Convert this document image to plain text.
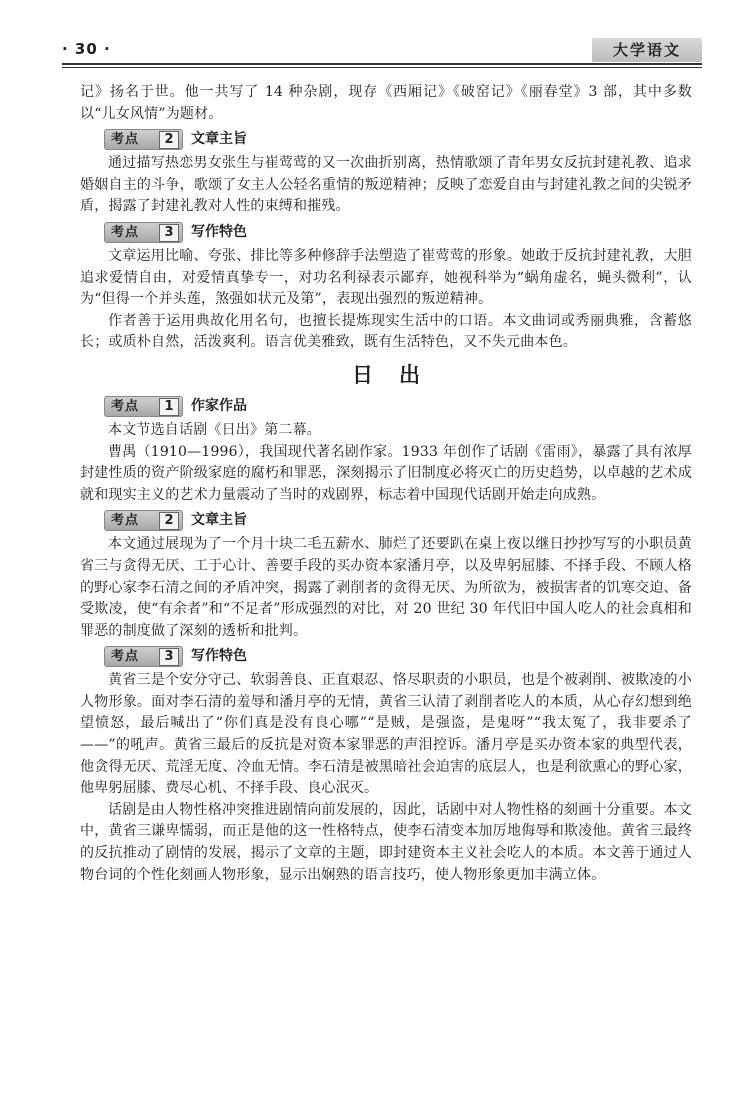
· 30 ·	大学语文

记》扬名于世。他一共写了 14 种杂剧，现存《西厢记》《破窑记》《丽春堂》3 部，其中多数以“儿女风情”为题材。

考点	2	文章主旨

通过描写热恋男女张生与崔莺莺的又一次曲折别离，热情歌颂了青年男女反抗封建礼教、追求婚姻自主的斗争，歌颂了女主人公轻名重情的叛逆精神；反映了恋爱自由与封建礼教之间的尖锐矛盾，揭露了封建礼教对人性的束缚和摧残。

考点	3	写作特色

文章运用比喻、夸张、排比等多种修辞手法塑造了崔莺莺的形象。她敢于反抗封建礼教，大胆追求爱情自由，对爱情真挚专一，对功名利禄表示鄙弃，她视科举为“蜗角虚名，蝇头微利”，认为“但得一个并头莲，煞强如状元及第”，表现出强烈的叛逆精神。

作者善于运用典故化用名句，也擅长提炼现实生活中的口语。本文曲词或秀丽典雅，含蓄悠长；或质朴自然，活泼爽利。语言优美雅致，既有生活特色，又不失元曲本色。

日出
考点	1	作家作品

本文节选自话剧《日出》第二幕。

曹禺（1910—1996），我国现代著名剧作家。1933 年创作了话剧《雷雨》，暴露了具有浓厚封建性质的资产阶级家庭的腐朽和罪恶，深刻揭示了旧制度必将灭亡的历史趋势，以卓越的艺术成就和现实主义的艺术力量震动了当时的戏剧界，标志着中国现代话剧开始走向成熟。

考点	2	文章主旨

本文通过展现为了一个月十块二毛五薪水、肺烂了还要趴在桌上夜以继日抄抄写写的小职员黄省三与贪得无厌、工于心计、善要手段的买办资本家潘月亭，以及卑躬屈膝、不择手段、不顾人格的野心家李石清之间的矛盾冲突，揭露了剥削者的贪得无厌、为所欲为，被损害者的饥寒交迫、备受欺凌，使“有余者”和“不足者”形成强烈的对比，对 20 世纪 30 年代旧中国人吃人的社会真相和罪恶的制度做了深刻的透析和批判。

考点	3	写作特色

黄省三是个安分守己、软弱善良、正直艰忍、恪尽职责的小职员，也是个被剥削、被欺凌的小人物形象。面对李石清的羞辱和潘月亭的无情，黄省三认清了剥削者吃人的本质，从心存幻想到绝望愤怒，最后喊出了“你们真是没有良心哪”“是贼，是强盗，是鬼呀”“我太冤了，我非要杀了——”的吼声。黄省三最后的反抗是对资本家罪恶的声泪控诉。潘月亭是买办资本家的典型代表，他贪得无厌、荒淫无度、冷血无情。李石清是被黑暗社会迫害的底层人，也是利欲熏心的野心家，他卑躬屈膝、费尽心机、不择手段、良心泯灭。

话剧是由人物性格冲突推进剧情向前发展的，因此，话剧中对人物性格的刻画十分重要。本文中，黄省三谦卑懦弱，而正是他的这一性格特点，使李石清变本加厉地侮辱和欺凌他。黄省三最终的反抗推动了剧情的发展，揭示了文章的主题，即封建资本主义社会吃人的本质。本文善于通过人物台词的个性化刻画人物形象，显示出娴熟的语言技巧，使人物形象更加丰满立体。
